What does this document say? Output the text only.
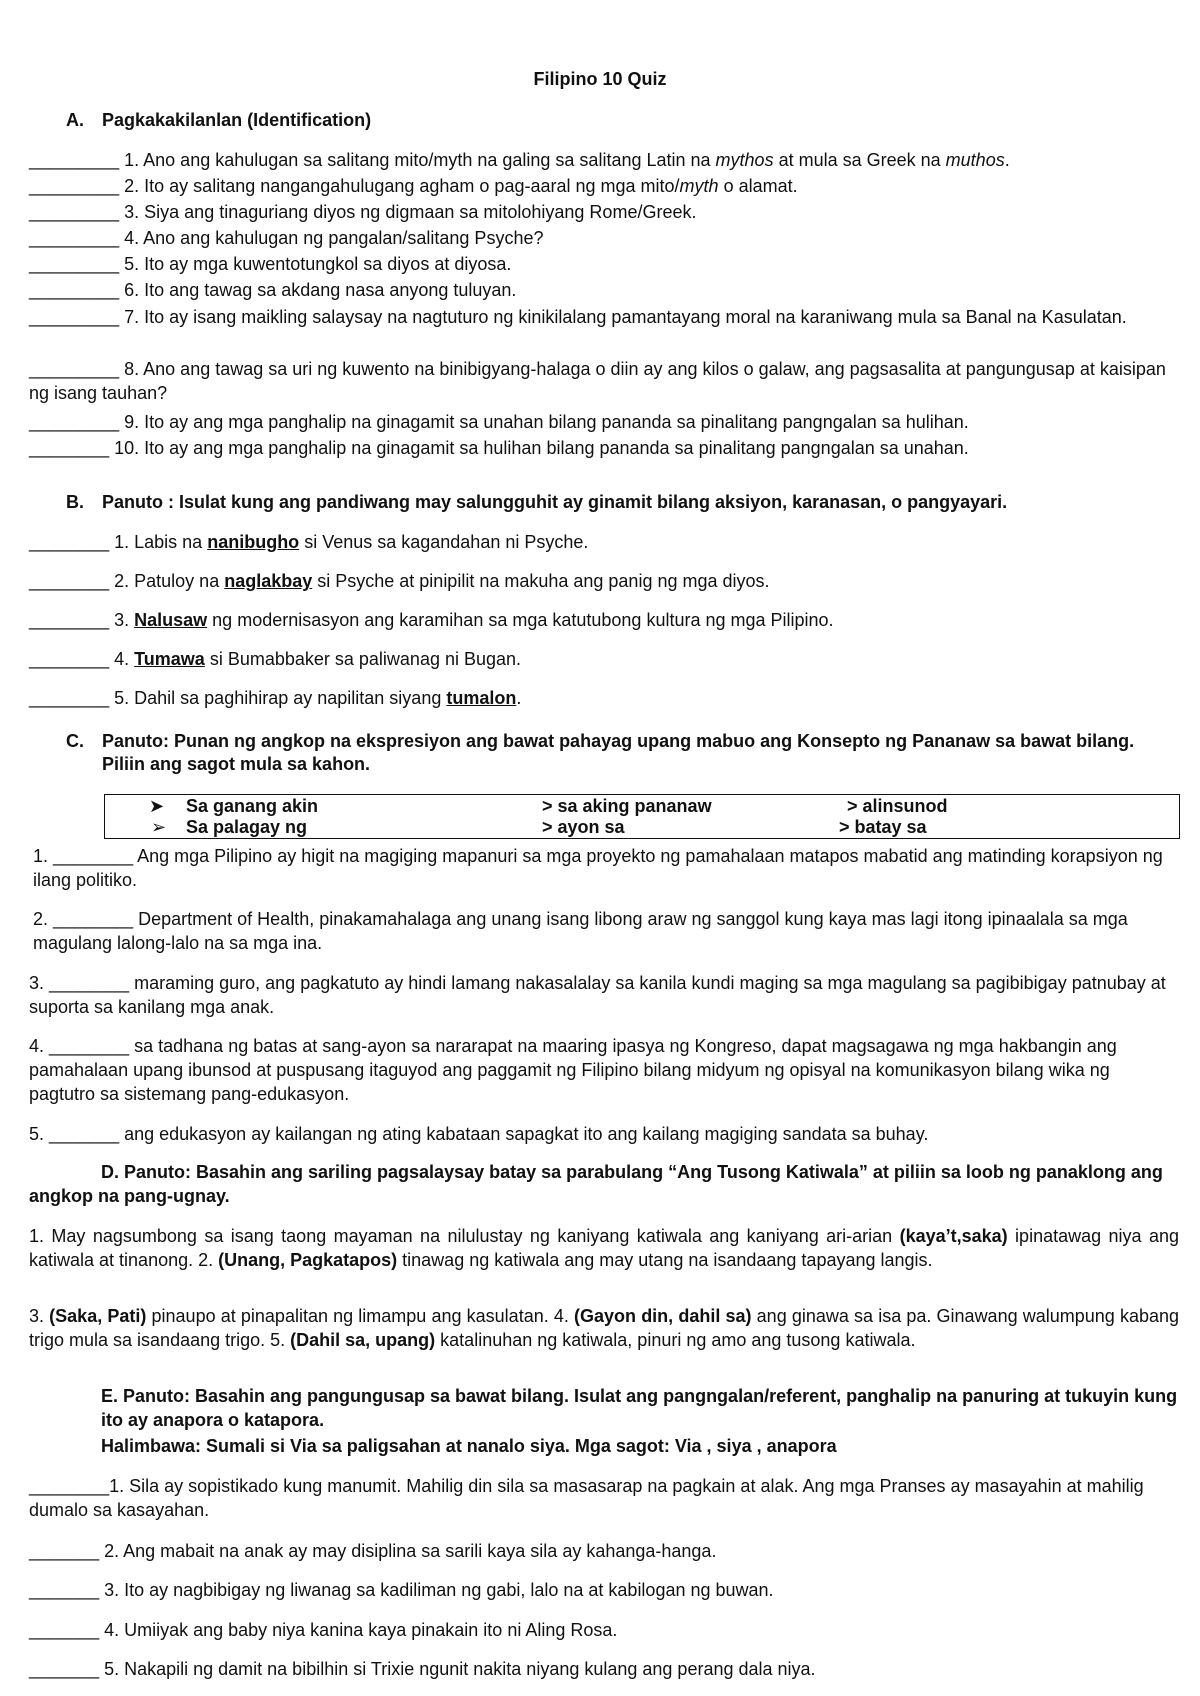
Filipino 10 Quiz
A. Pagkakakilanlan (Identification)
_________ 1. Ano ang kahulugan sa salitang mito/myth na galing sa salitang Latin na mythos at mula sa Greek na muthos.
_________ 2. Ito ay salitang nangangahulugang agham o pag-aaral ng mga mito/myth o alamat.
_________ 3. Siya ang tinaguriang diyos ng digmaan sa mitolohiyang Rome/Greek.
_________ 4. Ano ang kahulugan ng pangalan/salitang Psyche?
_________ 5. Ito ay mga kuwentotungkol sa diyos at diyosa.
_________ 6. Ito ang tawag sa akdang nasa anyong tuluyan.
_________ 7. Ito ay isang maikling salaysay na nagtuturo ng kinikilalang pamantayang moral na karaniwang mula sa Banal na Kasulatan.
_________ 8. Ano ang tawag sa uri ng kuwento na binibigyang-halaga o diin ay ang kilos o galaw, ang pagsasalita at pangungusap at kaisipan ng isang tauhan?
_________ 9. Ito ay ang mga panghalip na ginagamit sa unahan bilang pananda sa pinalitang pangngalan sa hulihan.
________ 10. Ito ay ang mga panghalip na ginagamit sa hulihan bilang pananda sa pinalitang pangngalan sa unahan.
B. Panuto : Isulat kung ang pandiwang may salungguhit ay ginamit bilang aksiyon, karanasan, o pangyayari.
________ 1. Labis na nanibugho si Venus sa kagandahan ni Psyche.
________ 2. Patuloy na naglakbay si Psyche at pinipilit na makuha ang panig ng mga diyos.
________ 3. Nalusaw ng modernisasyon ang karamihan sa mga katutubong kultura ng mga Pilipino.
________ 4. Tumawa si Bumabbaker sa paliwanag ni Bugan.
________ 5. Dahil sa paghihirap ay napilitan siyang tumalon.
C.	Panuto: Punan ng angkop na ekspresiyon ang bawat pahayag upang mabuo ang Konsepto ng Pananaw sa bawat bilang. Piliin ang sagot mula sa kahon.
➤ Sa ganang akin	> sa aking pananaw	> alinsunod
➢ Sa palagay ng	> ayon sa	> batay sa
1. ________ Ang mga Pilipino ay higit na magiging mapanuri sa mga proyekto ng pamahalaan matapos mabatid ang matinding korapsiyon ng ilang politiko.
2. ________ Department of Health, pinakamahalaga ang unang isang libong araw ng sanggol kung kaya mas lagi itong ipinaalala sa mga magulang lalong-lalo na sa mga ina.
3. ________ maraming guro, ang pagkatuto ay hindi lamang nakasalalay sa kanila kundi maging sa mga magulang sa pagibibigay patnubay at suporta sa kanilang mga anak.
4. ________ sa tadhana ng batas at sang-ayon sa nararapat na maaring ipasya ng Kongreso, dapat magsagawa ng mga hakbangin ang pamahalaan upang ibunsod at puspusang itaguyod ang paggamit ng Filipino bilang midyum ng opisyal na komunikasyon bilang wika ng pagtutro sa sistemang pang-edukasyon.
5. _______ ang edukasyon ay kailangan ng ating kabataan sapagkat ito ang kailang magiging sandata sa buhay.
D. Panuto: Basahin ang sariling pagsalaysay batay sa parabulang “Ang Tusong Katiwala” at piliin sa loob ng panaklong ang angkop na pang-ugnay.
1. May nagsumbong sa isang taong mayaman na nilulustay ng kaniyang katiwala ang kaniyang ari-arian (kaya’t,saka) ipinatawag niya ang katiwala at tinanong. 2. (Unang, Pagkatapos) tinawag ng katiwala ang may utang na isandaang tapayang langis.
3. (Saka, Pati) pinaupo at pinapalitan ng limampu ang kasulatan. 4. (Gayon din, dahil sa) ang ginawa sa isa pa. Ginawang walumpung kabang trigo mula sa isandaang trigo. 5. (Dahil sa, upang) katalinuhan ng katiwala, pinuri ng amo ang tusong katiwala.
E. Panuto: Basahin ang pangungusap sa bawat bilang. Isulat ang pangngalan/referent, panghalip na panuring at tukuyin kung ito ay anapora o katapora.
Halimbawa: Sumali si Via sa paligsahan at nanalo siya. Mga sagot: Via , siya , anapora
________1. Sila ay sopistikado kung manumit. Mahilig din sila sa masasarap na pagkain at alak. Ang mga Pranses ay masayahin at mahilig dumalo sa kasayahan.
_______ 2. Ang mabait na anak ay may disiplina sa sarili kaya sila ay kahanga-hanga.
_______ 3. Ito ay nagbibigay ng liwanag sa kadiliman ng gabi, lalo na at kabilogan ng buwan.
_______ 4. Umiiyak ang baby niya kanina kaya pinakain ito ni Aling Rosa.
_______ 5. Nakapili ng damit na bibilhin si Trixie ngunit nakita niyang kulang ang perang dala niya.
